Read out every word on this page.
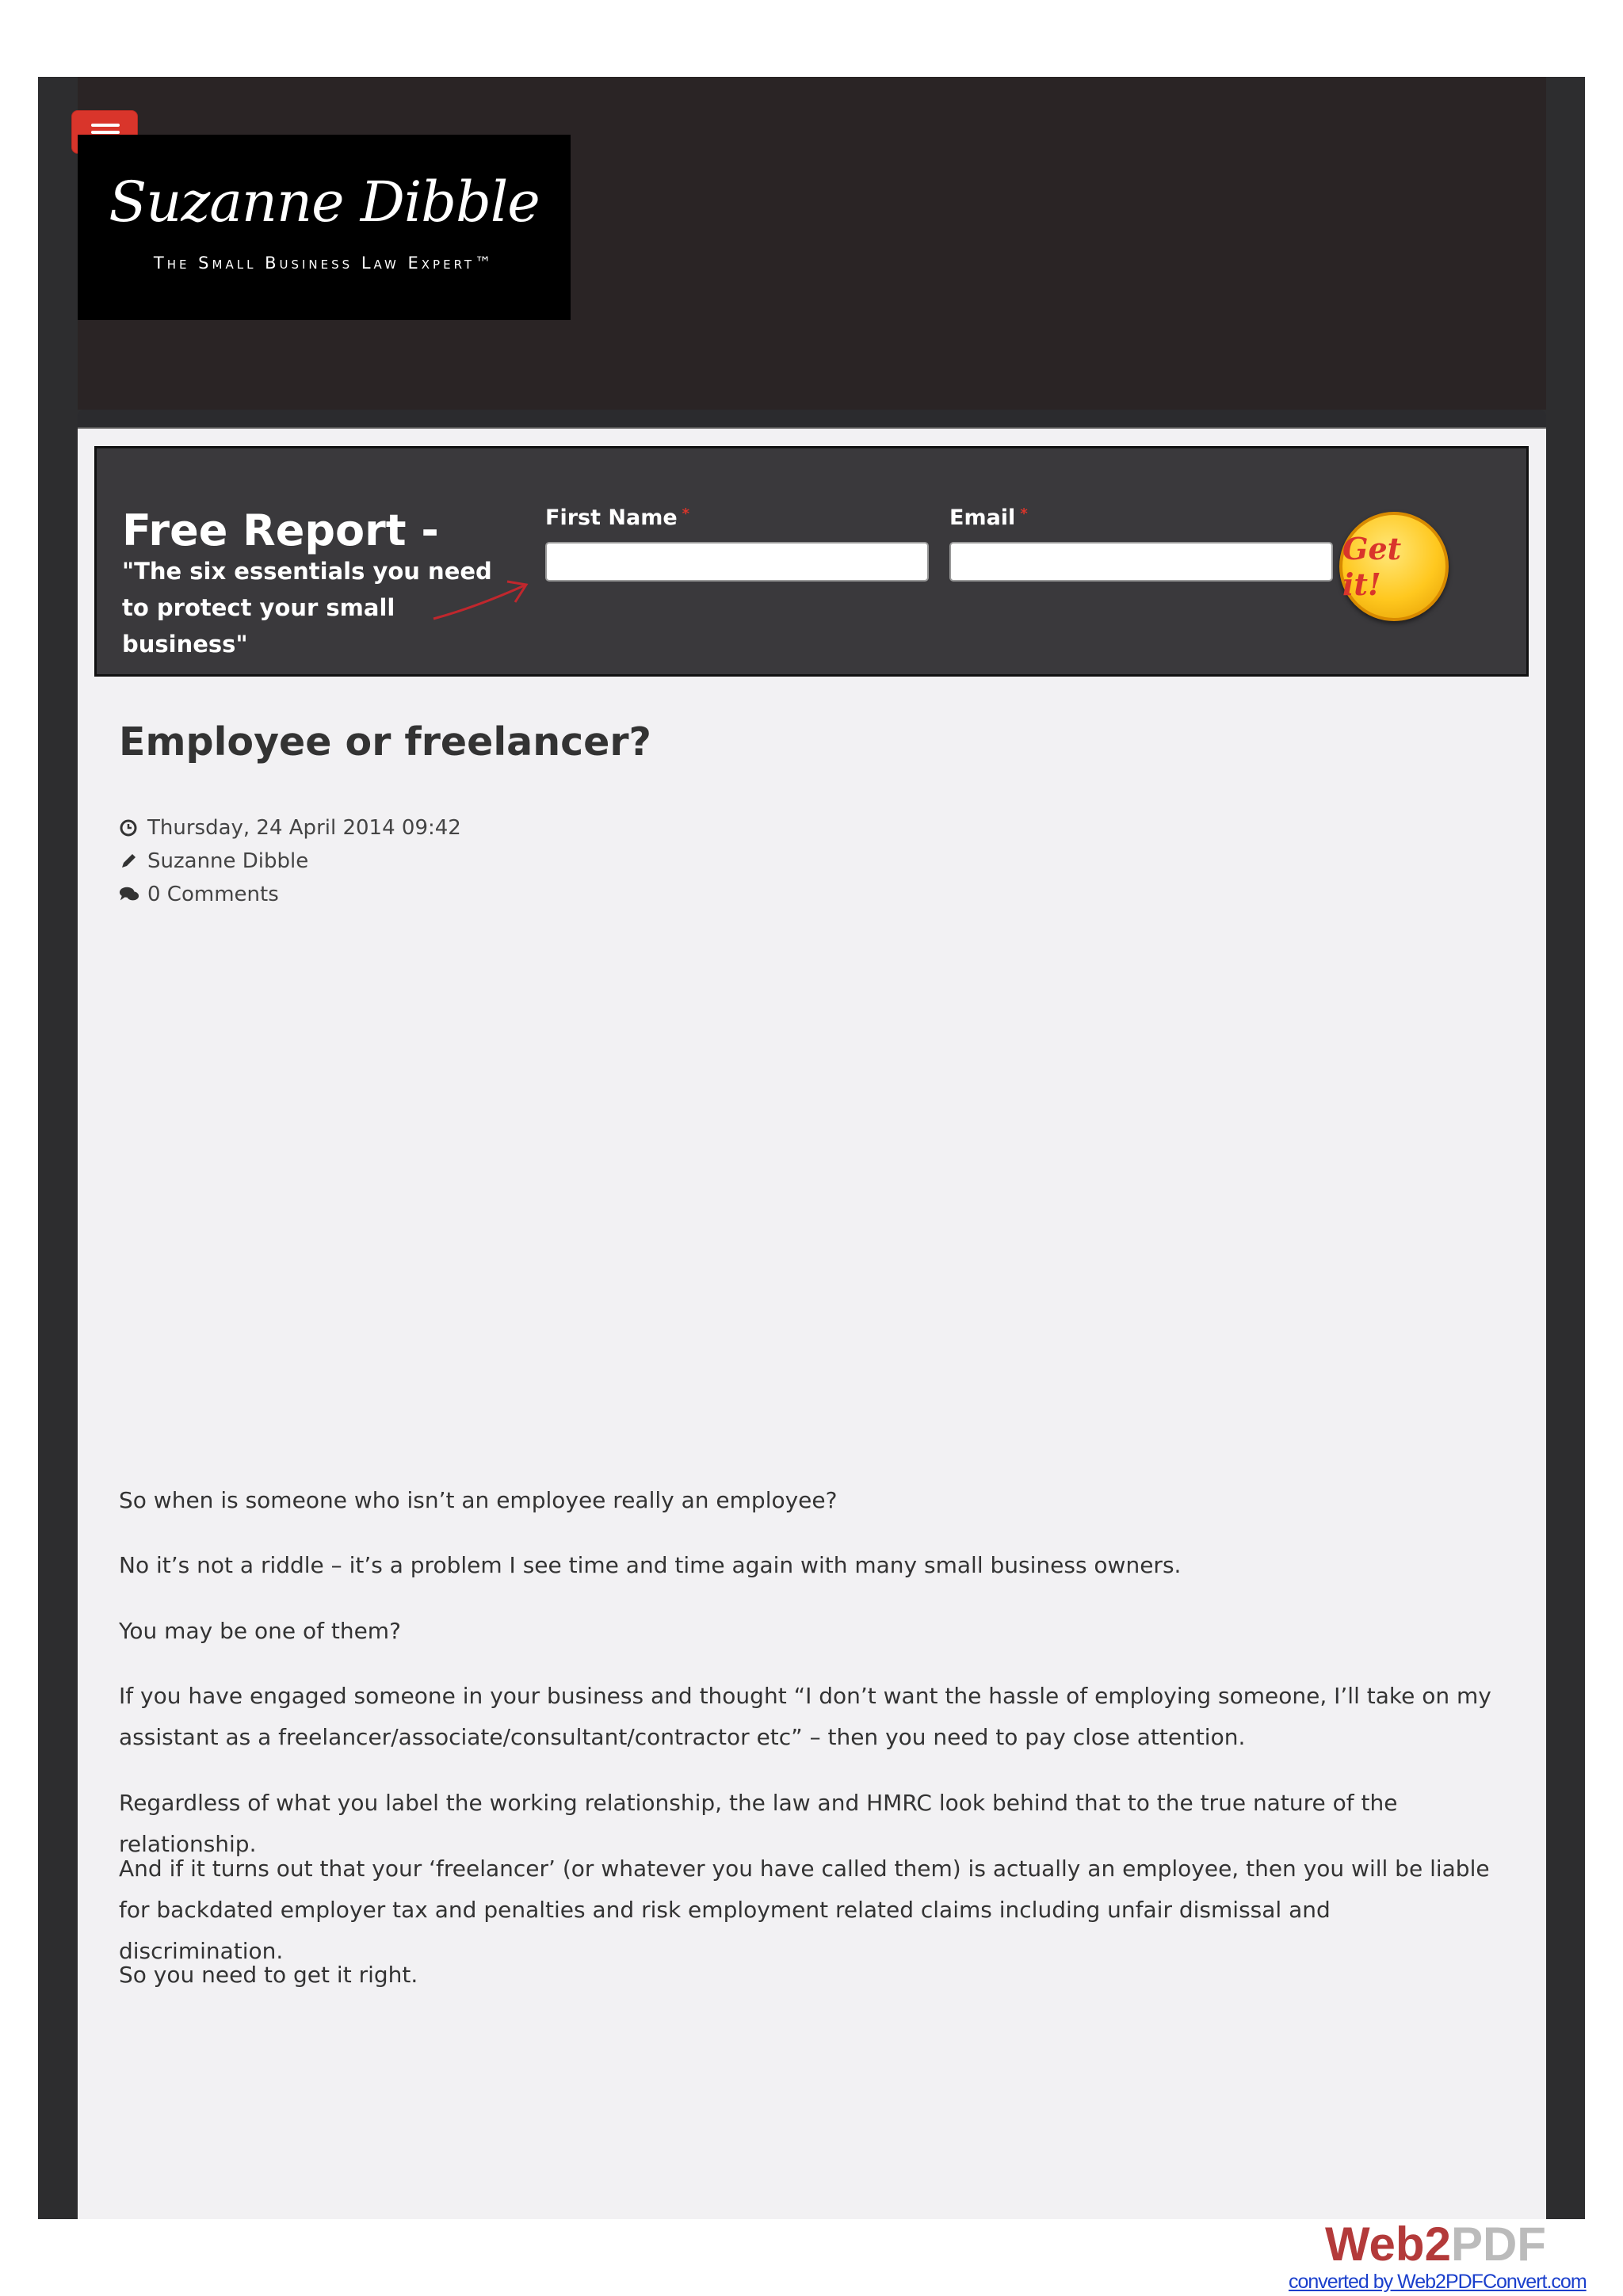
Suzanne Dibble
The Small Business Law Expert™
Free Report -
"The six essentials you need to protect your small business"
First Name *	Email *
Get it!
Employee or freelancer?
Thursday, 24 April 2014 09:42
Suzanne Dibble
0 Comments

So when is someone who isn’t an employee really an employee?

No it’s not a riddle – it’s a problem I see time and time again with many small business owners.

You may be one of them?

If you have engaged someone in your business and thought “I don’t want the hassle of employing someone, I’ll take on my assistant as a freelancer/associate/consultant/contractor etc” – then you need to pay close attention.

Regardless of what you label the working relationship, the law and HMRC look behind that to the true nature of the relationship.

And if it turns out that your ‘freelancer’ (or whatever you have called them) is actually an employee, then you will be liable for backdated employer tax and penalties and risk employment related claims including unfair dismissal and discrimination.

So you need to get it right.

Web2PDF
converted by Web2PDFConvert.com
